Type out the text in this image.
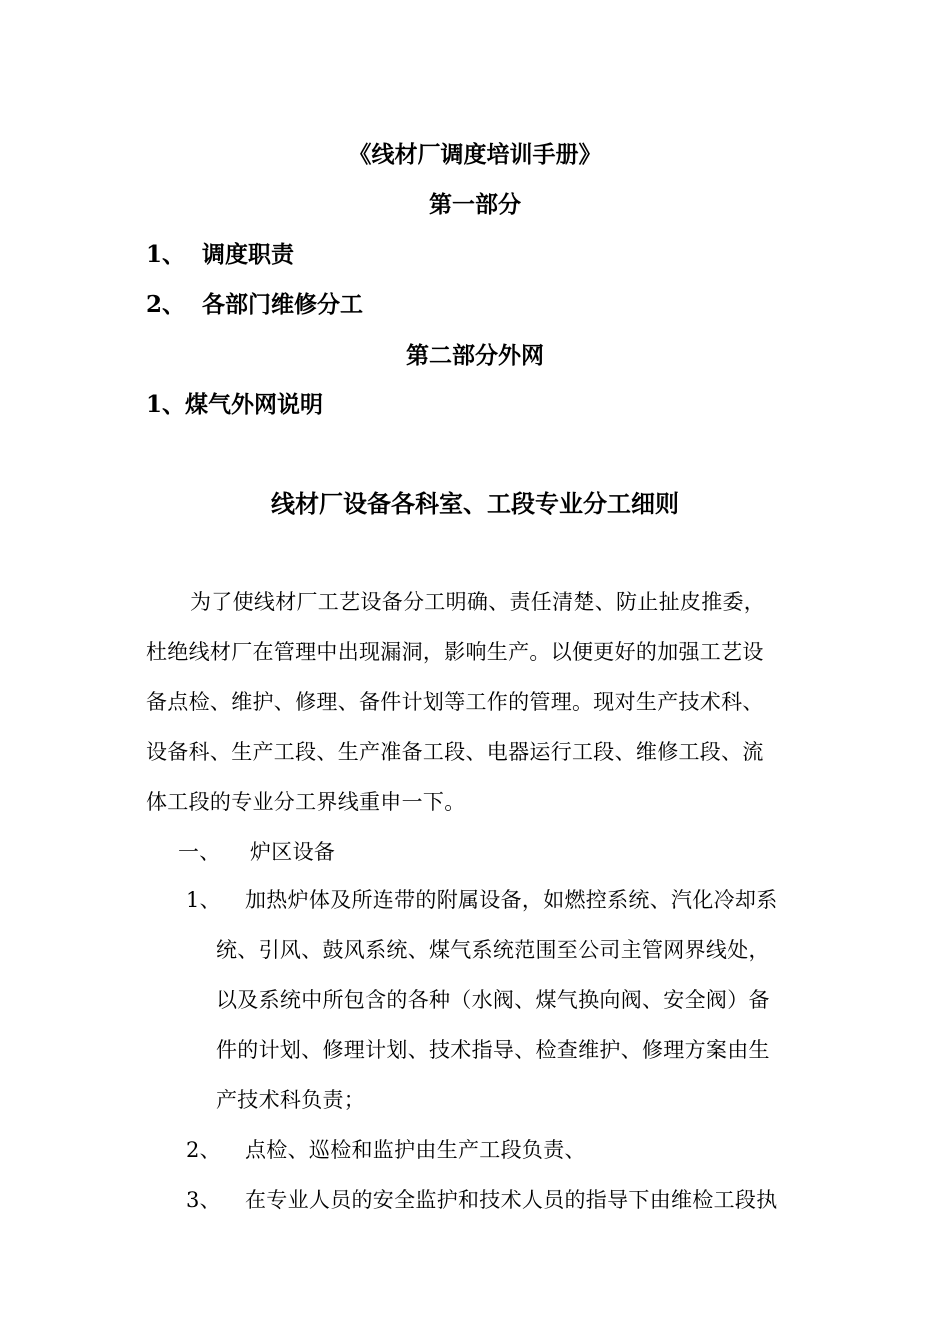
《线材厂调度培训手册》
第一部分
1、 调度职责
2、 各部门维修分工
第二部分外网
1、煤气外网说明
线材厂设备各科室、工段专业分工细则
为了使线材厂工艺设备分工明确、责任清楚、防止扯皮推委，
杜绝线材厂在管理中出现漏洞，影响生产。以便更好的加强工艺设
备点检、维护、修理、备件计划等工作的管理。现对生产技术科、
设备科、生产工段、生产准备工段、电器运行工段、维修工段、流
体工段的专业分工界线重申一下。
一、 炉区设备
1、 加热炉体及所连带的附属设备，如燃控系统、汽化冷却系
统、引风、鼓风系统、煤气系统范围至公司主管网界线处，
以及系统中所包含的各种（水阀、煤气换向阀、安全阀）备
件的计划、修理计划、技术指导、检查维护、修理方案由生
产技术科负责；
2、 点检、巡检和监护由生产工段负责、
3、 在专业人员的安全监护和技术人员的指导下由维检工段执
